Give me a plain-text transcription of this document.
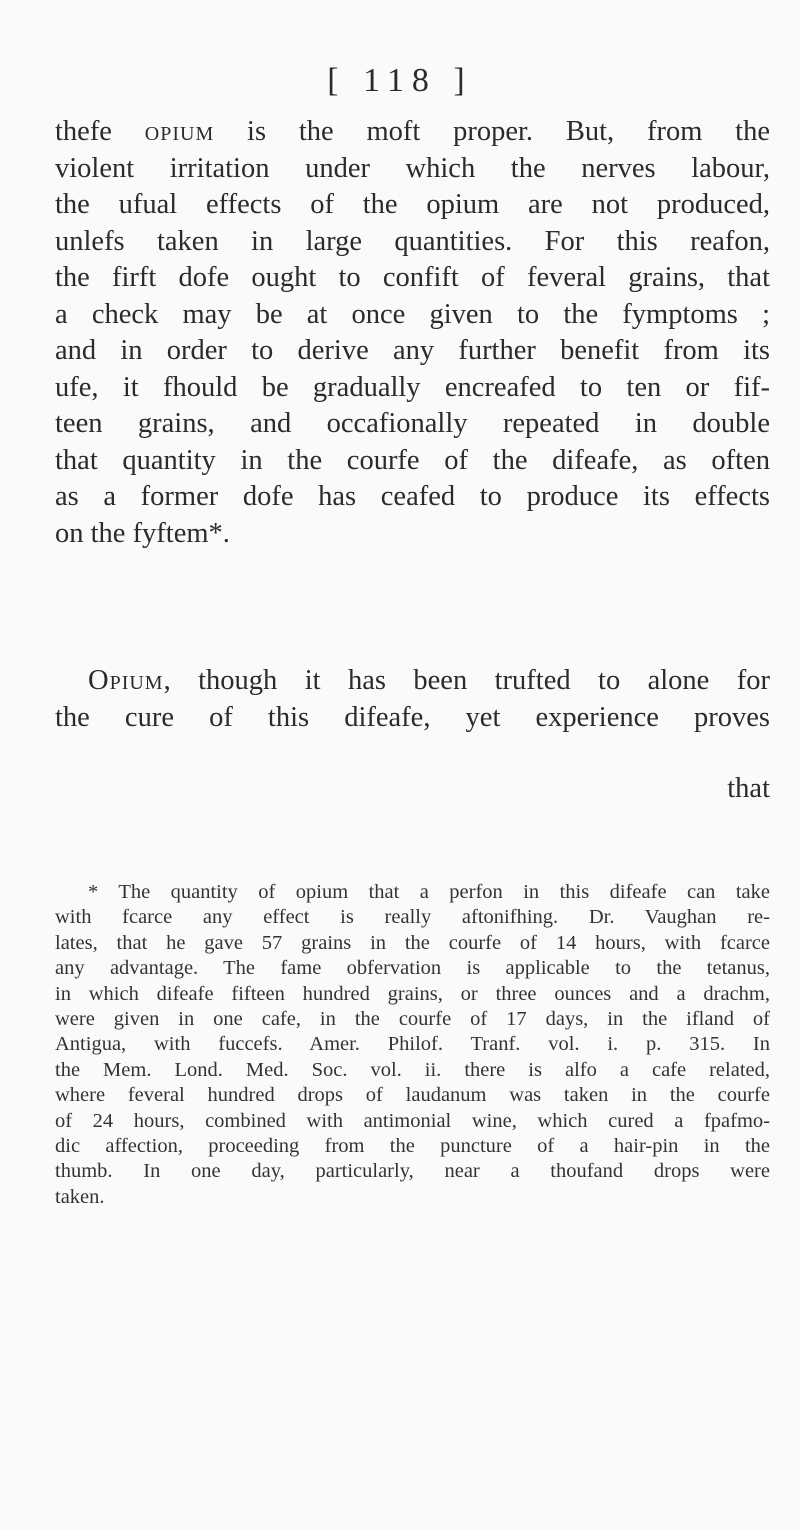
[ 118 ]
thefe opium is the moft proper. But, from the
violent irritation under which the nerves labour,
the ufual effects of the opium are not produced,
unlefs taken in large quantities. For this reafon,
the firft dofe ought to confift of feveral grains, that
a check may be at once given to the fymptoms ;
and in order to derive any further benefit from its
ufe, it fhould be gradually encreafed to ten or fif-
teen grains, and occafionally repeated in double
that quantity in the courfe of the difeafe, as often
as a former dofe has ceafed to produce its effects
on the fyftem*.
Opium, though it has been trufted to alone for
the cure of this difeafe, yet experience proves
that
* The quantity of opium that a perfon in this difeafe can take
with fcarce any effect is really aftonifhing. Dr. Vaughan re-
lates, that he gave 57 grains in the courfe of 14 hours, with fcarce
any advantage. The fame obfervation is applicable to the tetanus,
in which difeafe fifteen hundred grains, or three ounces and a drachm,
were given in one cafe, in the courfe of 17 days, in the ifland of
Antigua, with fuccefs. Amer. Philof. Tranf. vol. i. p. 315. In
the Mem. Lond. Med. Soc. vol. ii. there is alfo a cafe related,
where feveral hundred drops of laudanum was taken in the courfe
of 24 hours, combined with antimonial wine, which cured a fpafmo-
dic affection, proceeding from the puncture of a hair-pin in the
thumb. In one day, particularly, near a thoufand drops were
taken.
